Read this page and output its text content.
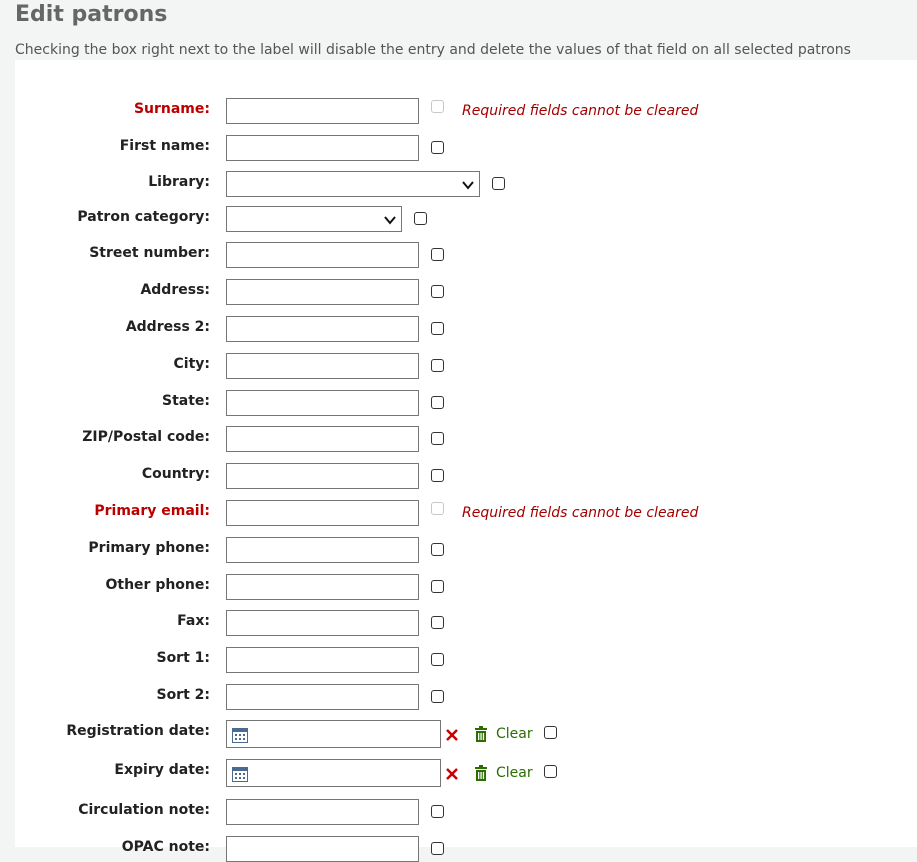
Edit patrons

Checking the box right next to the label will disable the entry and delete the values of that field on all selected patrons

Surname:	Required fields cannot be cleared
First name:
Library:
Patron category:
Street number:
Address:
Address 2:
City:
State:
ZIP/Postal code:
Country:
Primary email:	Required fields cannot be cleared
Primary phone:
Other phone:
Fax:
Sort 1:
Sort 2:
Registration date:	Clear
Expiry date:	Clear
Circulation note:
OPAC note:
